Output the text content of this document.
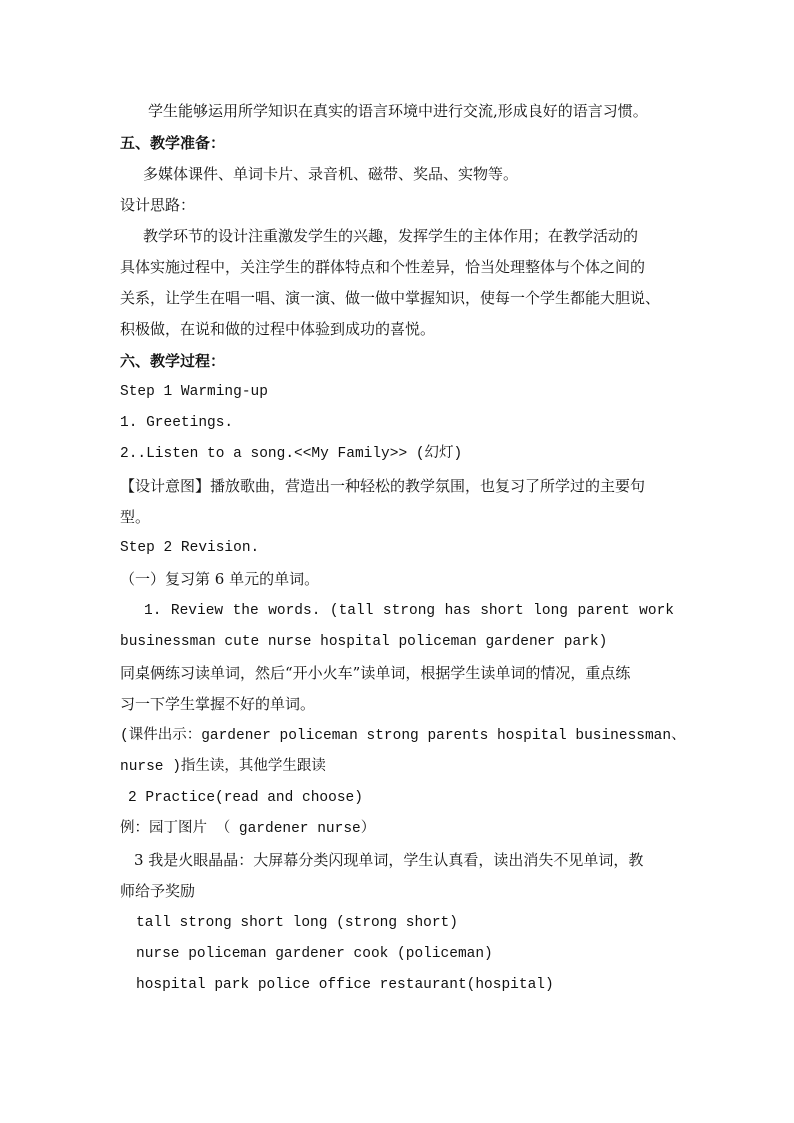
学生能够运用所学知识在真实的语言环境中进行交流,形成良好的语言习惯。
五、教学准备：
多媒体课件、单词卡片、录音机、磁带、奖品、实物等。
设计思路：
教学环节的设计注重激发学生的兴趣，发挥学生的主体作用；在教学活动的
具体实施过程中，关注学生的群体特点和个性差异，恰当处理整体与个体之间的
关系，让学生在唱一唱、演一演、做一做中掌握知识，使每一个学生都能大胆说、
积极做，在说和做的过程中体验到成功的喜悦。
六、教学过程：
Step 1 Warming-up
1. Greetings.
2..Listen to a song.<<My Family>> (幻灯)
【设计意图】播放歌曲，营造出一种轻松的教学氛围，也复习了所学过的主要句
型。
Step 2 Revision.
（一）复习第 6 单元的单词。
1. Review the words. (tall strong has short long parent work
businessman cute nurse hospital policeman gardener park)
同桌俩练习读单词，然后“开小火车”读单词，根据学生读单词的情况，重点练
习一下学生掌握不好的单词。
(课件出示：gardener policeman strong parents hospital businessman、
nurse )指生读，其他学生跟读
2 Practice(read and choose)
例：园丁图片 （ gardener nurse）
3 我是火眼晶晶：大屏幕分类闪现单词，学生认真看，读出消失不见单词，教
师给予奖励
tall strong short long (strong short)
nurse policeman gardener cook (policeman)
hospital park police office restaurant(hospital)
